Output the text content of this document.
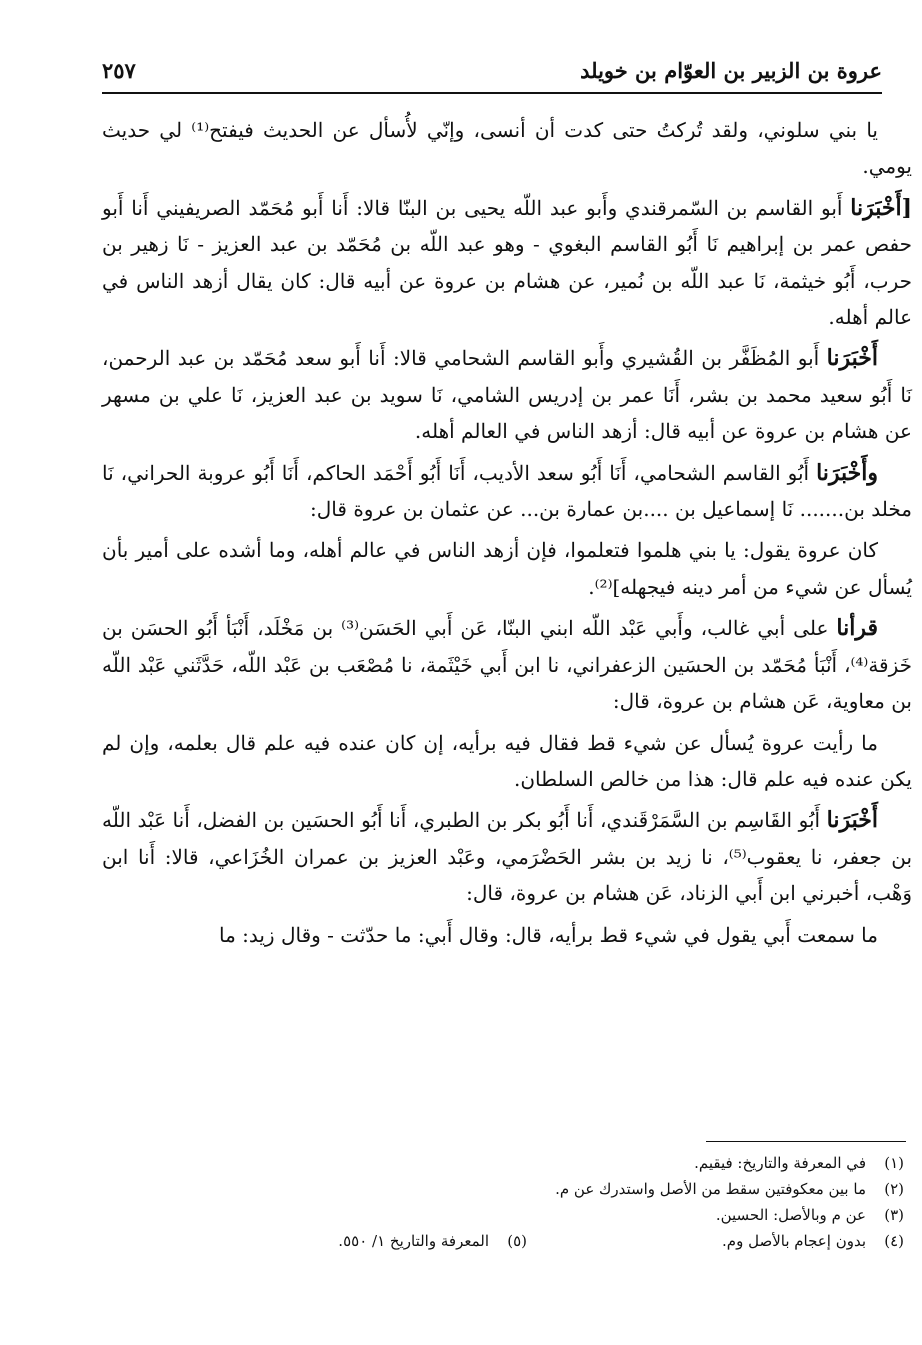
عروة بن الزبير بن العوّام بن خويلد
٢٥٧

يا بني سلوني، ولقد تُركتُ حتى كدت أن أنسى، وإنّي لأُسأل عن الحديث فيفتح⁽¹⁾ لي حديث يومي.

[أَخْبَرَنا أَبو القاسم بن السّمرقندي وأَبو عبد اللّه يحيى بن البنّا قالا: أَنا أَبو مُحَمّد الصريفيني أَنا أَبو حفص عمر بن إبراهيم نَا أَبُو القاسم البغوي - وهو عبد اللّه بن مُحَمّد بن عبد العزيز - نَا زهير بن حرب، أَبُو خيثمة، نَا عبد اللّه بن نُمير، عن هشام بن عروة عن أبيه قال: كان يقال أزهد الناس في عالم أهله.

أَخْبَرَنا أَبو المُظَفَّر بن القُشيري وأَبو القاسم الشحامي قالا: أَنا أَبو سعد مُحَمّد بن عبد الرحمن، نَا أَبُو سعيد محمد بن بشر، أَنَا عمر بن إدريس الشامي، نَا سويد بن عبد العزيز، نَا علي بن مسهر عن هشام بن عروة عن أبيه قال: أزهد الناس في العالم أهله.

وأَخْبَرَنا أَبُو القاسم الشحامي، أَنَا أَبُو سعد الأديب، أَنَا أَبُو أَحْمَد الحاكم، أَنَا أَبُو عروبة الحراني، نَا مخلد بن....... نَا إسماعيل بن ....بن عمارة بن... عن عثمان بن عروة قال:

كان عروة يقول: يا بني هلموا فتعلموا، فإن أزهد الناس في عالم أهله، وما أشده على أمير بأن يُسأل عن شيء من أمر دينه فيجهله]⁽²⁾.

قرأنا على أبي غالب، وأَبي عَبْد اللّه ابني البنّا، عَن أَبي الحَسَن⁽³⁾ بن مَخْلَد، أَنْبَأ أَبُو الحسَن بن خَزقة⁽⁴⁾، أَنْبَأ مُحَمّد بن الحسَين الزعفراني، نا ابن أَبي خَيْثَمة، نا مُصْعَب بن عَبْد اللّه، حَدَّثَني عَبْد اللّه بن معاوية، عَن هشام بن عروة، قال:

ما رأيت عروة يُسأل عن شيء قط فقال فيه برأيه، إن كان عنده فيه علم قال بعلمه، وإن لم يكن عنده فيه علم قال: هذا من خالص السلطان.

أَخْبَرَنا أَبُو القَاسِم بن السَّمَرْقَندي، أَنا أَبُو بكر بن الطبري، أَنا أَبُو الحسَين بن الفضل، أَنا عَبْد اللّه بن جعفر، نا يعقوب⁽⁵⁾، نا زيد بن بشر الحَضْرَمي، وعَبْد العزيز بن عمران الخُزَاعي، قالا: أَنا ابن وَهْب، أخبرني ابن أَبي الزناد، عَن هشام بن عروة، قال:

ما سمعت أَبي يقول في شيء قط برأيه، قال: وقال أَبي: ما حدّثت - وقال زيد: ما

(١)في المعرفة والتاريخ: فيقيم.

(٢)ما بين معكوفتين سقط من الأصل واستدرك عن م.

(٣)عن م وبالأصل: الحسين.

(٤)بدون إعجام بالأصل وم.

(٥)المعرفة والتاريخ ١/ ٥٥٠.
